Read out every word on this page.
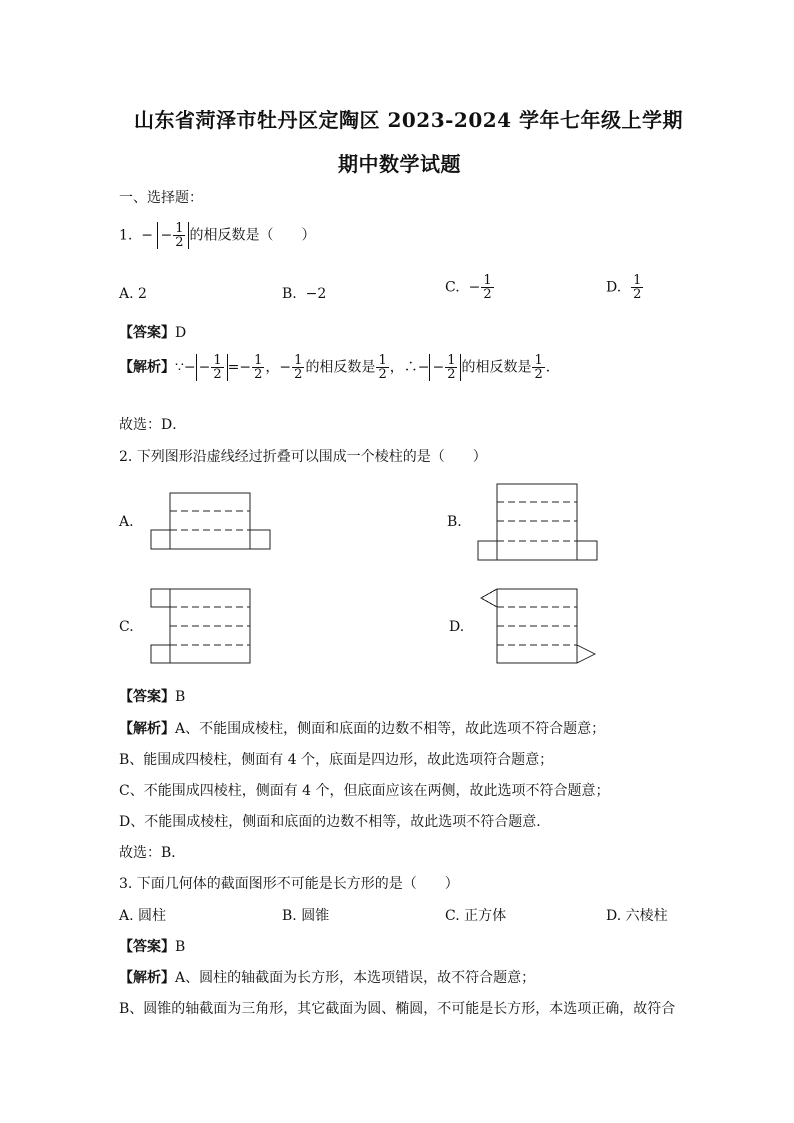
山东省菏泽市牡丹区定陶区 2023-2024 学年七年级上学期
期中数学试题
一、选择题：
1. − − $\frac{1}{2}$ 的相反数是（　　）
A. 2	B. −2	C. − $\frac{1}{2}$	D. $\frac{1}{2}$
【答案】D
【解析】∵− − $\frac{1}{2} =- \frac{1}{2}$ ，− $\frac{1}{2}$ 的相反数是 $\frac{1}{2}$ ，∴− − $\frac{1}{2}$ 的相反数是 $\frac{1}{2}$ ．
故选：D．
2. 下列图形沿虚线经过折叠可以围成一个棱柱的是（　　）
A.	B.
C.	D.
【答案】B
【解析】A、不能围成棱柱，侧面和底面的边数不相等，故此选项不符合题意；
B、能围成四棱柱，侧面有 4 个，底面是四边形，故此选项符合题意；
C、不能围成四棱柱，侧面有 4 个，但底面应该在两侧，故此选项不符合题意；
D、不能围成棱柱，侧面和底面的边数不相等，故此选项不符合题意.
故选：B．
3. 下面几何体的截面图形不可能是长方形的是（　　）
A. 圆柱	B. 圆锥	C. 正方体	D. 六棱柱
【答案】B
【解析】A、圆柱的轴截面为长方形，本选项错误，故不符合题意；
B、圆锥的轴截面为三角形，其它截面为圆、椭圆，不可能是长方形，本选项正确，故符合
